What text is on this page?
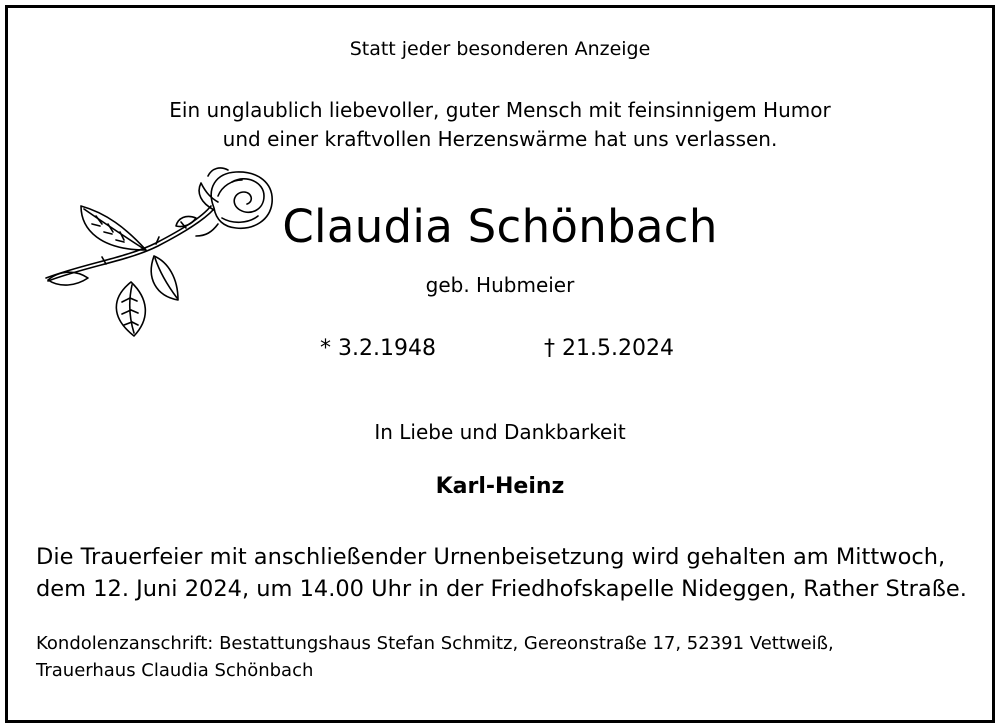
Statt jeder besonderen Anzeige
Ein unglaublich liebevoller, guter Mensch mit feinsinnigem Humor
und einer kraftvollen Herzenswärme hat uns verlassen.
Claudia Schönbach
geb. Hubmeier
* 3.2.1948	† 21.5.2024
In Liebe und Dankbarkeit
Karl-Heinz
Die Trauerfeier mit anschließender Urnenbeisetzung wird gehalten am Mittwoch,
dem 12. Juni 2024, um 14.00 Uhr in der Friedhofskapelle Nideggen, Rather Straße.
Kondolenzanschrift: Bestattungshaus Stefan Schmitz, Gereonstraße 17, 52391 Vettweiß,
Trauerhaus Claudia Schönbach
